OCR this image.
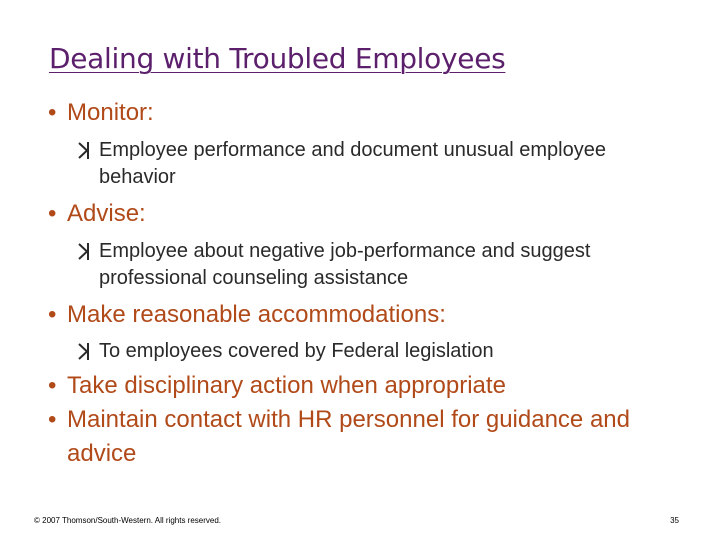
Dealing with Troubled Employees
• Monitor:
Employee performance and document unusual employee behavior
• Advise:
Employee about negative job-performance and suggest professional counseling assistance
• Make reasonable accommodations:
To employees covered by Federal legislation
• Take disciplinary action when appropriate
• Maintain contact with HR personnel for guidance and advice
© 2007 Thomson/South-Western. All rights reserved.	35
